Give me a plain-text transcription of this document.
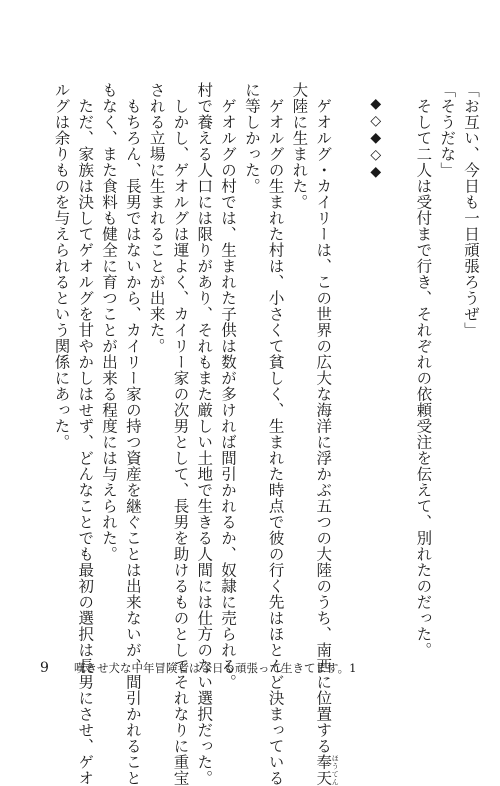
「お互い、今日も一日頑張ろうぜ」
「そうだな」
そして二人は受付まで行き、それぞれの依頼受注を伝えて、別れたのだった。
◆◇◆◇◆
ゲオルグ・カイリーは、この世界の広大な海洋に浮かぶ五つの大陸のうち、南西に位置する奉天 ほうてん
大陸に生まれた。
ゲオルグの生まれた村は、小さくて貧しく、生まれた時点で彼の行く先はほとんど決まっている
に等しかった。
ゲオルグの村では、生まれた子供は数が多ければ間引かれるか、奴隷に売られる。
村で養える人口には限りがあり、それもまた厳しい土地で生きる人間には仕方のない選択だった。
しかし、ゲオルグは運よく、カイリー家の次男として、長男を助けるものとしてそれなりに重宝
される立場に生まれることが出来た。
もちろん、長男ではないから、カイリー家の持つ資産を継ぐことは出来ないが、間引かれること
もなく、また食料も健全に育つことが出来る程度には与えられた。
ただ、家族は決してゲオルグを甘やかしはせず、どんなことでも最初の選択は長男にさせ、ゲオ
ルグは余りものを与えられるという関係にあった。
9 嘆きせ犬な中年冒険者は今日も頑張って生きてます。1
